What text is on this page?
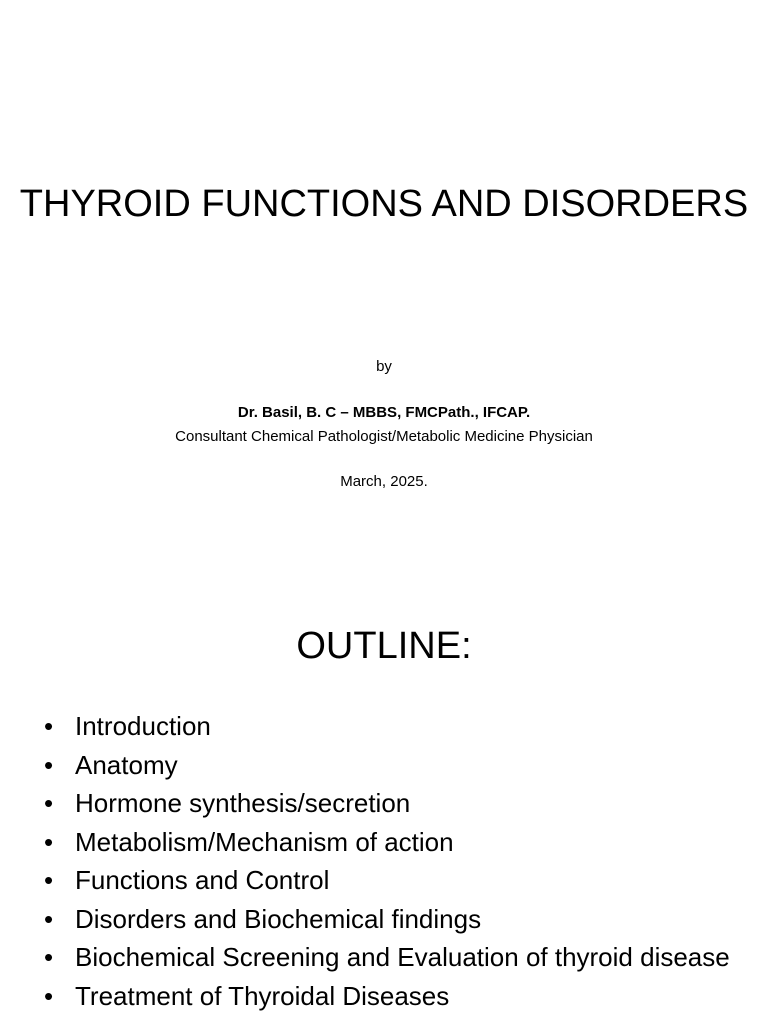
THYROID FUNCTIONS AND DISORDERS
by
Dr. Basil, B. C – MBBS, FMCPath., IFCAP.
Consultant Chemical Pathologist/Metabolic Medicine Physician
March, 2025.
OUTLINE:
• Introduction
• Anatomy
• Hormone synthesis/secretion
• Metabolism/Mechanism of action
• Functions and Control
• Disorders and Biochemical findings
• Biochemical Screening and Evaluation of thyroid disease
• Treatment of Thyroidal Diseases
